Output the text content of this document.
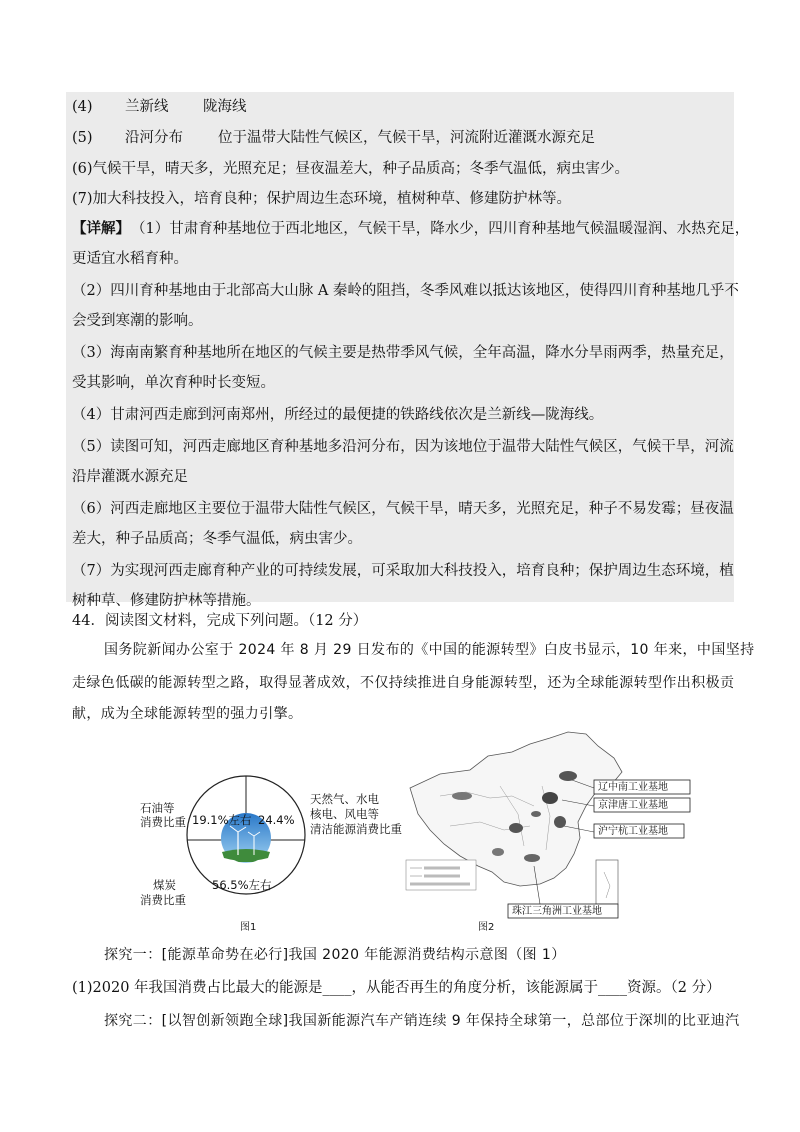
(4) 兰新线 陇海线
(5) 沿河分布 位于温带大陆性气候区，气候干旱，河流附近灌溉水源充足
(6)气候干旱，晴天多，光照充足；昼夜温差大，种子品质高；冬季气温低，病虫害少。
(7)加大科技投入，培育良种；保护周边生态环境，植树种草、修建防护林等。
【详解】 （1）甘肃育种基地位于西北地区，气候干旱，降水少，四川育种基地气候温暖湿润、水热充足，
更适宜水稻育种。
（2）四川育种基地由于北部高大山脉 A 秦岭的阻挡，冬季风难以抵达该地区，使得四川育种基地几乎不
会受到寒潮的影响。
（3）海南南繁育种基地所在地区的气候主要是热带季风气候，全年高温，降水分旱雨两季，热量充足，
受其影响，单次育种时长变短。
（4）甘肃河西走廊到河南郑州，所经过的最便捷的铁路线依次是兰新线—陇海线。
（5）读图可知，河西走廊地区育种基地多沿河分布，因为该地位于温带大陆性气候区，气候干旱，河流
沿岸灌溉水源充足
（6）河西走廊地区主要位于温带大陆性气候区，气候干旱，晴天多，光照充足，种子不易发霉；昼夜温
差大，种子品质高；冬季气温低，病虫害少。
（7）为实现河西走廊育种产业的可持续发展，可采取加大科技投入，培育良种；保护周边生态环境，植
树种草、修建防护林等措施。
44．阅读图文材料，完成下列问题。（12 分）
国务院新闻办公室于 2024 年 8 月 29 日发布的《中国的能源转型》白皮书显示，10 年来，中国坚持
走绿色低碳的能源转型之路，取得显著成效，不仅持续推进自身能源转型，还为全球能源转型作出积极贡
献，成为全球能源转型的强力引擎。
石油等
消费比重 19.1%左右 24.4%
天然气、水电
核电、风电等
清洁能源消费比重
煤炭
消费比重
56.5%左右
图1
辽中南工业基地
京津唐工业基地
沪宁杭工业基地
珠江三角洲工业基地
图2
探究一：[能源革命势在必行]我国 2020 年能源消费结构示意图（图 1）
(1)2020 年我国消费占比最大的能源是____，从能否再生的角度分析，该能源属于____资源。（2 分）
探究二：[以智创新领跑全球]我国新能源汽车产销连续 9 年保持全球第一，总部位于深圳的比亚迪汽
